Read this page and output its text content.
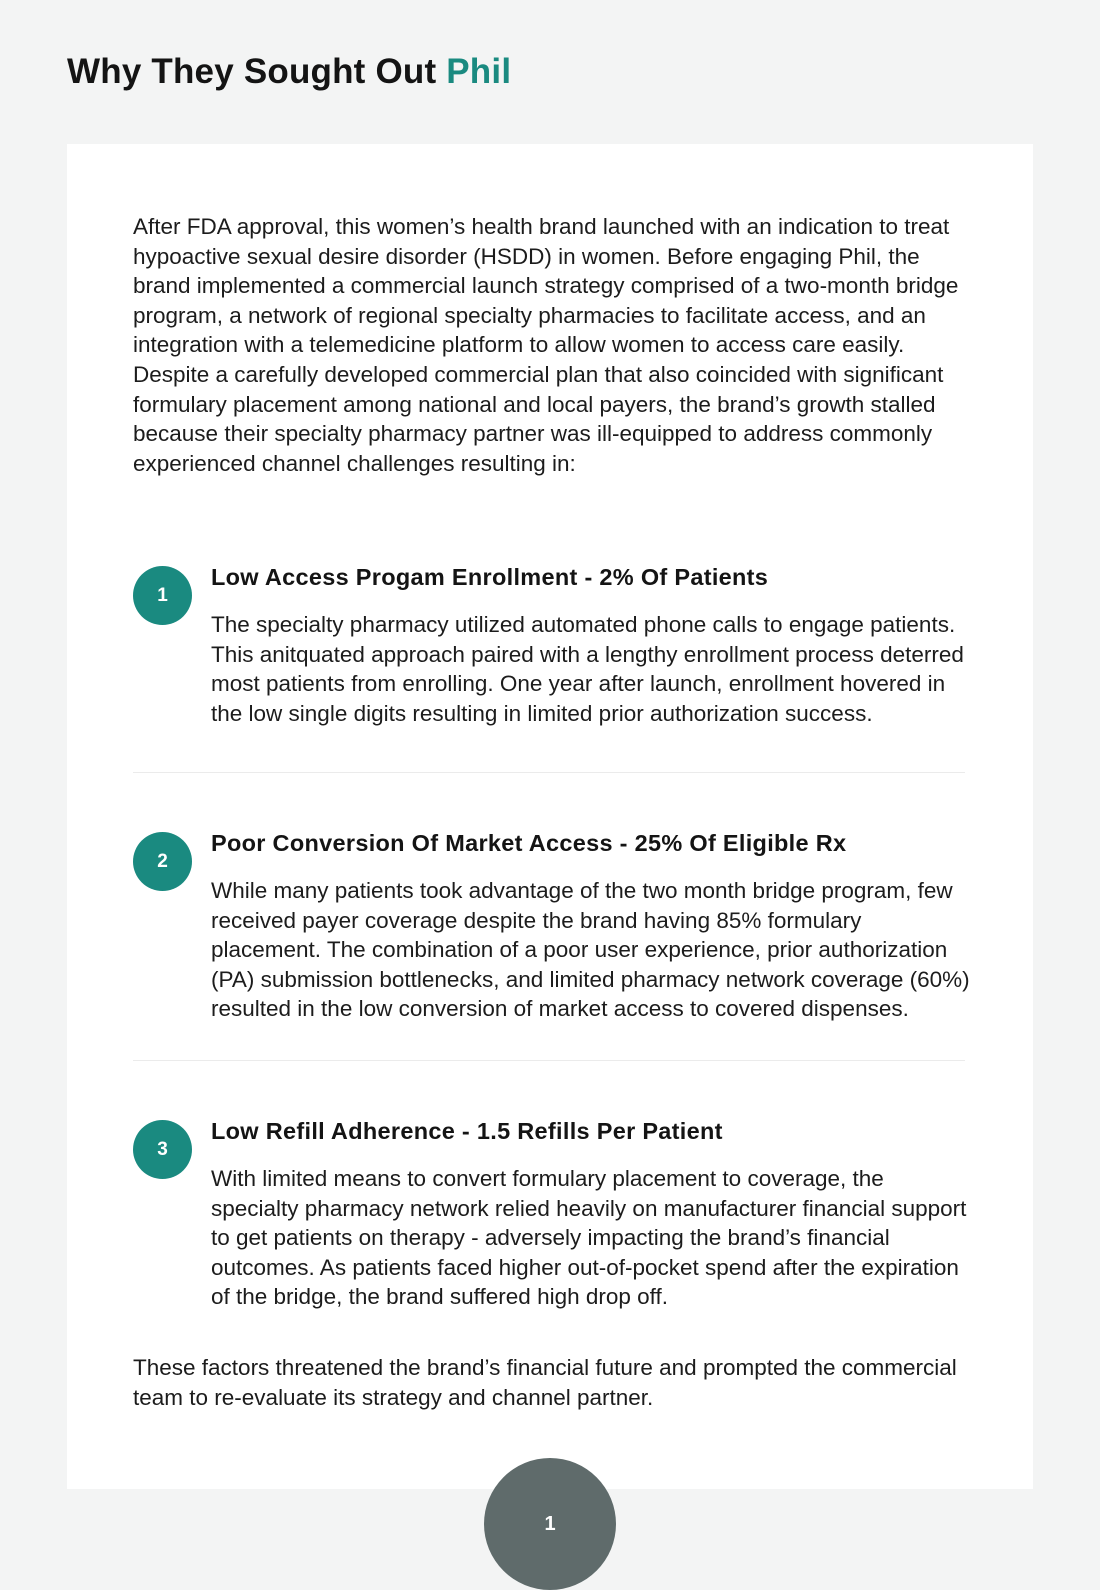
Why They Sought Out Phil

After FDA approval, this women’s health brand launched with an indication to treat hypoactive sexual desire disorder (HSDD) in women. Before engaging Phil, the brand implemented a commercial launch strategy comprised of a two-month bridge program, a network of regional specialty pharmacies to facilitate access, and an integration with a telemedicine platform to allow women to access care easily. Despite a carefully developed commercial plan that also coincided with significant formulary placement among national and local payers, the brand’s growth stalled because their specialty pharmacy partner was ill-equipped to address commonly experienced channel challenges resulting in:

1
Low Access Progam Enrollment - 2% Of Patients

The specialty pharmacy utilized automated phone calls to engage patients. This anitquated approach paired with a lengthy enrollment process deterred most patients from enrolling. One year after launch, enrollment hovered in the low single digits resulting in limited prior authorization success.

2
Poor Conversion Of Market Access - 25% Of Eligible Rx

While many patients took advantage of the two month bridge program, few received payer coverage despite the brand having 85% formulary placement. The combination of a poor user experience, prior authorization (PA) submission bottlenecks, and limited pharmacy network coverage (60%) resulted in the low conversion of market access to covered dispenses.

3
Low Refill Adherence - 1.5 Refills Per Patient

With limited means to convert formulary placement to coverage, the specialty pharmacy network relied heavily on manufacturer financial support to get patients on therapy - adversely impacting the brand’s financial outcomes. As patients faced higher out-of-pocket spend after the expiration of the bridge, the brand suffered high drop off.

These factors threatened the brand’s financial future and prompted the commercial team to re-evaluate its strategy and channel partner.

1
